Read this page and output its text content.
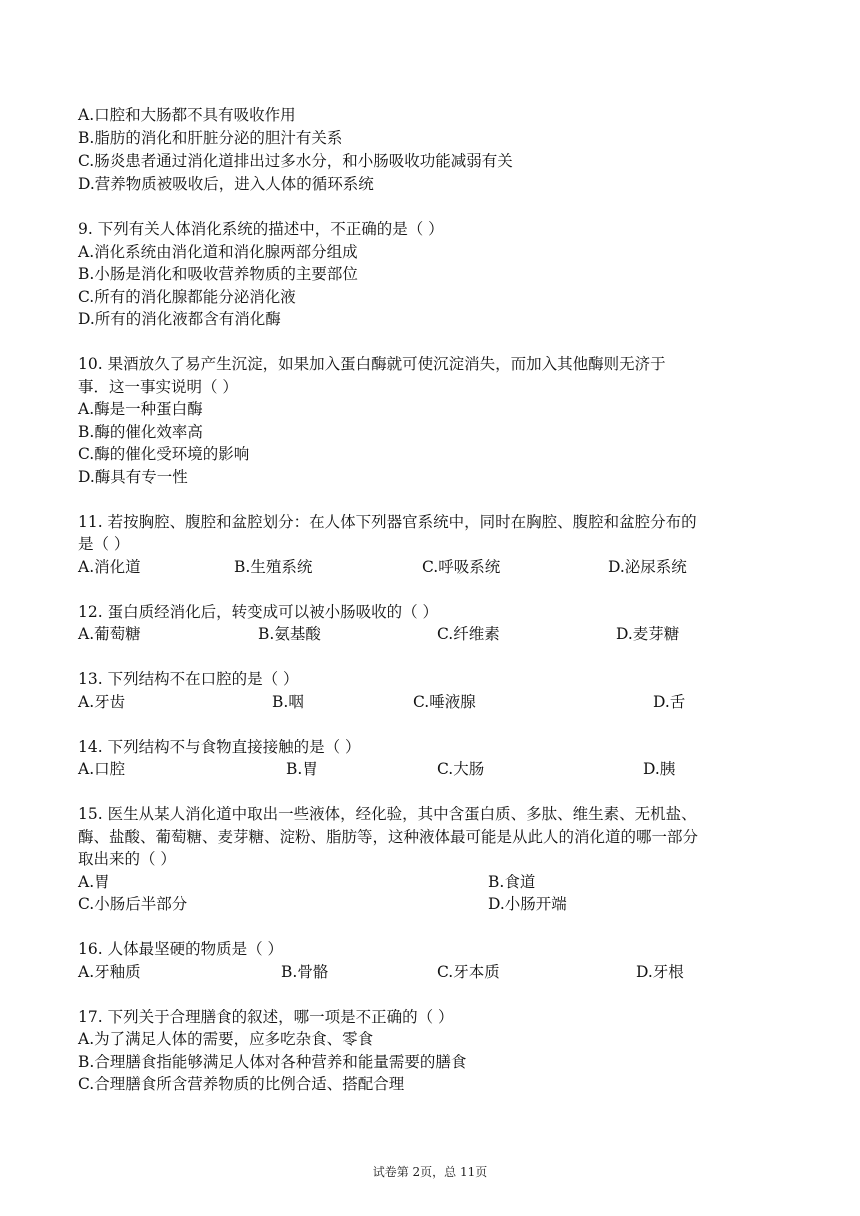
A.口腔和大肠都不具有吸收作用
B.脂肪的消化和肝脏分泌的胆汁有关系
C.肠炎患者通过消化道排出过多水分，和小肠吸收功能减弱有关
D.营养物质被吸收后，进入人体的循环系统
9. 下列有关人体消化系统的描述中，不正确的是（ ）
A.消化系统由消化道和消化腺两部分组成
B.小肠是消化和吸收营养物质的主要部位
C.所有的消化腺都能分泌消化液
D.所有的消化液都含有消化酶
10. 果酒放久了易产生沉淀，如果加入蛋白酶就可使沉淀消失，而加入其他酶则无济于
事．这一事实说明（ ）
A.酶是一种蛋白酶
B.酶的催化效率高
C.酶的催化受环境的影响
D.酶具有专一性
11. 若按胸腔、腹腔和盆腔划分：在人体下列器官系统中，同时在胸腔、腹腔和盆腔分布的
是（ ）
A.消化道	B.生殖系统	C.呼吸系统	D.泌尿系统
12. 蛋白质经消化后，转变成可以被小肠吸收的（ ）
A.葡萄糖	B.氨基酸	C.纤维素	D.麦芽糖
13. 下列结构不在口腔的是（ ）
A.牙齿	B.咽	C.唾液腺	D.舌
14. 下列结构不与食物直接接触的是（ ）
A.口腔	B.胃	C.大肠	D.胰
15. 医生从某人消化道中取出一些液体，经化验，其中含蛋白质、多肽、维生素、无机盐、
酶、盐酸、葡萄糖、麦芽糖、淀粉、脂肪等，这种液体最可能是从此人的消化道的哪一部分
取出来的（ ）
A.胃	B.食道
C.小肠后半部分	D.小肠开端
16. 人体最坚硬的物质是（ ）
A.牙釉质	B.骨骼	C.牙本质	D.牙根
17. 下列关于合理膳食的叙述，哪一项是不正确的（ ）
A.为了满足人体的需要，应多吃杂食、零食
B.合理膳食指能够满足人体对各种营养和能量需要的膳食
C.合理膳食所含营养物质的比例合适、搭配合理
试卷第 2页，总 11页
